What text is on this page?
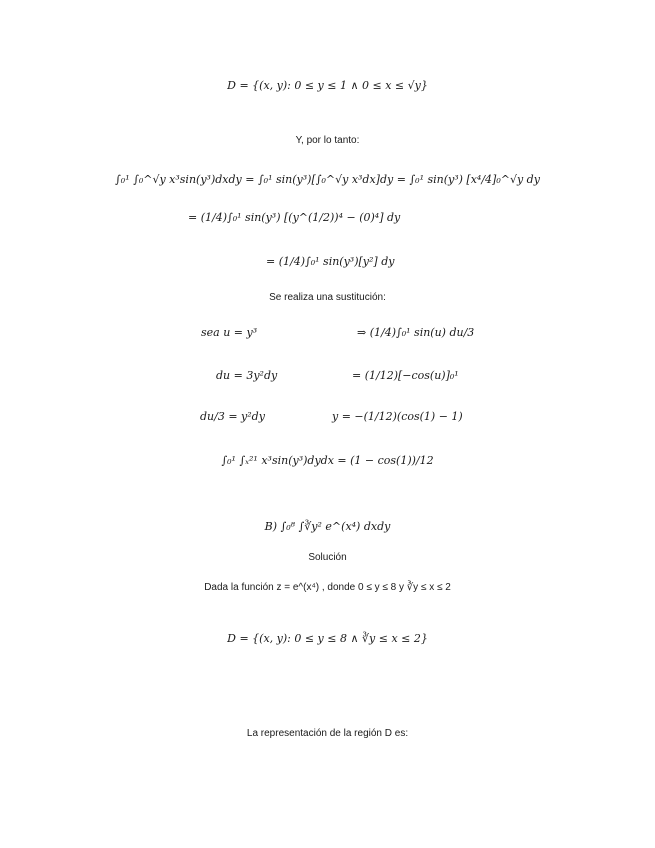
D = {(x, y): 0 ≤ y ≤ 1 ∧ 0 ≤ x ≤ √y}
Y, por lo tanto:
∫₀¹ ∫₀^√y x³sin(y³)dxdy = ∫₀¹ sin(y³)[∫₀^√y x³dx]dy = ∫₀¹ sin(y³) [x⁴/4]₀^√y dy
= (1/4)∫₀¹ sin(y³) [(y^(1/2))⁴ − (0)⁴] dy
= (1/4)∫₀¹ sin(y³)[y²] dy
Se realiza una sustitución:
sea u = y³	⇒ (1/4)∫₀¹ sin(u) du/3
du = 3y²dy	= (1/12)[−cos(u)]₀¹
du/3 = y²dy	y = −(1/12)(cos(1) − 1)
∫₀¹ ∫ₓ²¹ x³sin(y³)dydx = (1 − cos(1))/12
B) ∫₀⁸ ∫∛y² e^(x⁴) dxdy
Solución
Dada la función z = e^(x⁴) , donde 0 ≤ y ≤ 8 y ∛y ≤ x ≤ 2
D = {(x, y): 0 ≤ y ≤ 8 ∧ ∛y ≤ x ≤ 2}
La representación de la región D es:
